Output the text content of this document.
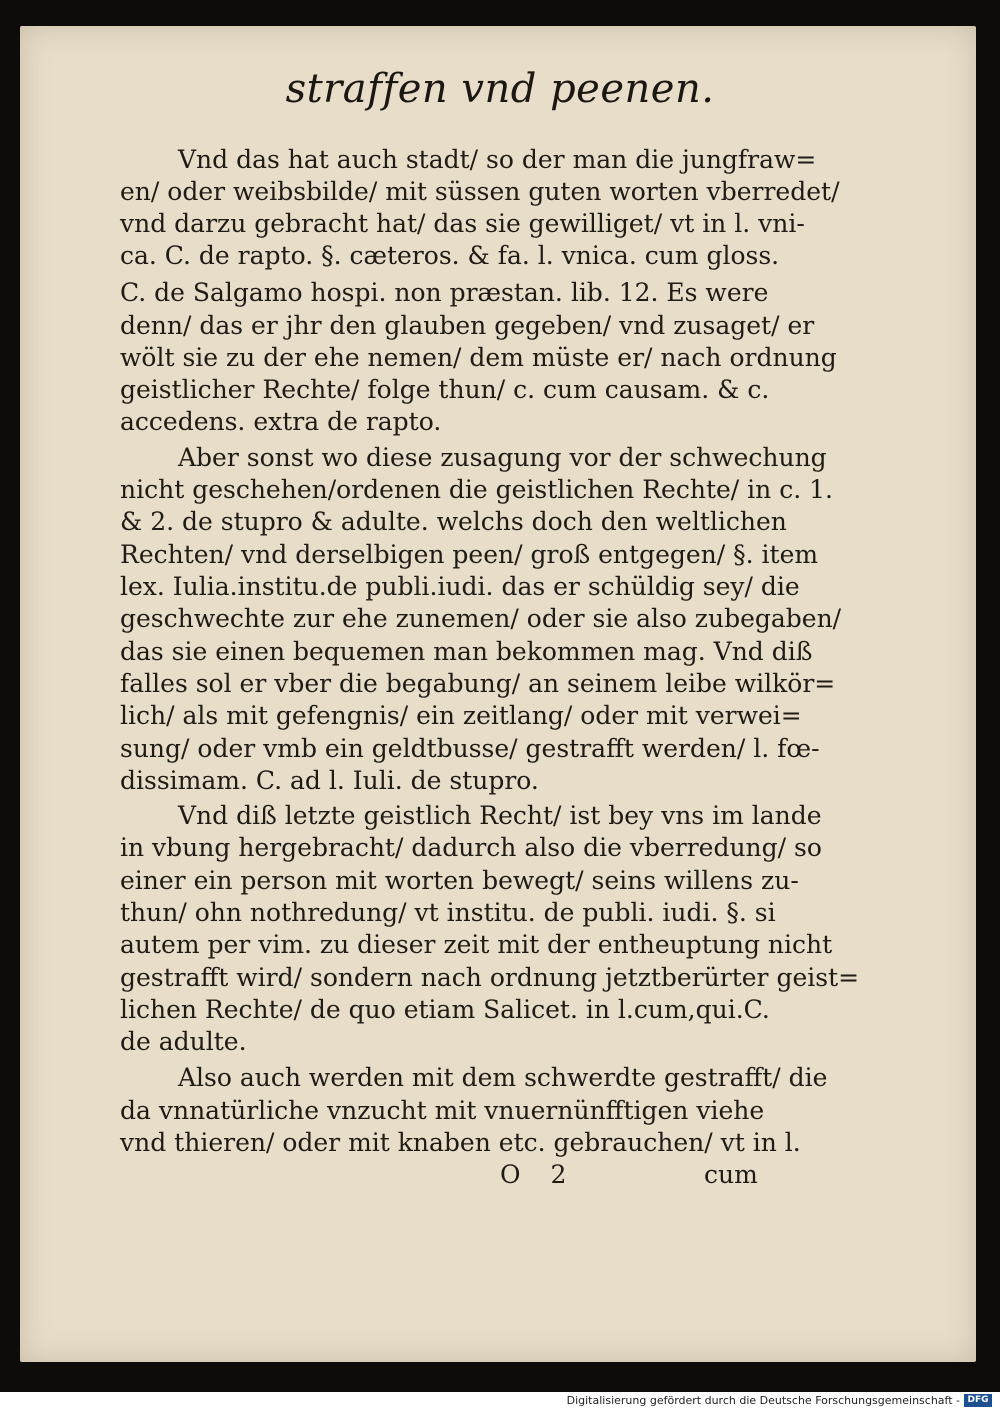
straffen vnd peenen.
Vnd das hat auch stadt/ so der man die jungfraw=
en/ oder weibsbilde/ mit süssen guten worten vberredet/
vnd darzu gebracht hat/ das sie gewilliget/ vt in l. vni-
ca. C. de rapto. §. cæteros. & fa. l. vnica. cum gloss.
C. de Salgamo hospi. non præstan. lib. 12. Es were
denn/ das er jhr den glauben gegeben/ vnd zusaget/ er
wölt sie zu der ehe nemen/ dem müste er/ nach ordnung
geistlicher Rechte/ folge thun/ c. cum causam. & c.
accedens. extra de rapto.
Aber sonst wo diese zusagung vor der schwechung
nicht geschehen/ordenen die geistlichen Rechte/ in c. 1.
& 2. de stupro & adulte. welchs doch den weltlichen
Rechten/ vnd derselbigen peen/ groß entgegen/ §. item
lex. Iulia.institu.de publi.iudi. das er schüldig sey/ die
geschwechte zur ehe zunemen/ oder sie also zubegaben/
das sie einen bequemen man bekommen mag. Vnd diß
falles sol er vber die begabung/ an seinem leibe wilkör=
lich/ als mit gefengnis/ ein zeitlang/ oder mit verwei=
sung/ oder vmb ein geldtbusse/ gestrafft werden/ l. fœ-
dissimam. C. ad l. Iuli. de stupro.
Vnd diß letzte geistlich Recht/ ist bey vns im lande
in vbung hergebracht/ dadurch also die vberredung/ so
einer ein person mit worten bewegt/ seins willens zu-
thun/ ohn nothredung/ vt institu. de publi. iudi. §. si
autem per vim. zu dieser zeit mit der entheuptung nicht
gestrafft wird/ sondern nach ordnung jetztberürter geist=
lichen Rechte/ de quo etiam Salicet. in l.cum,qui.C.
de adulte.
Also auch werden mit dem schwerdte gestrafft/ die
da vnnatürliche vnzucht mit vnuernünfftigen viehe
vnd thieren/ oder mit knaben etc. gebrauchen/ vt in l.
O 2	cum
Digitalisierung gefördert durch die Deutsche Forschungsgemeinschaft - DFG
